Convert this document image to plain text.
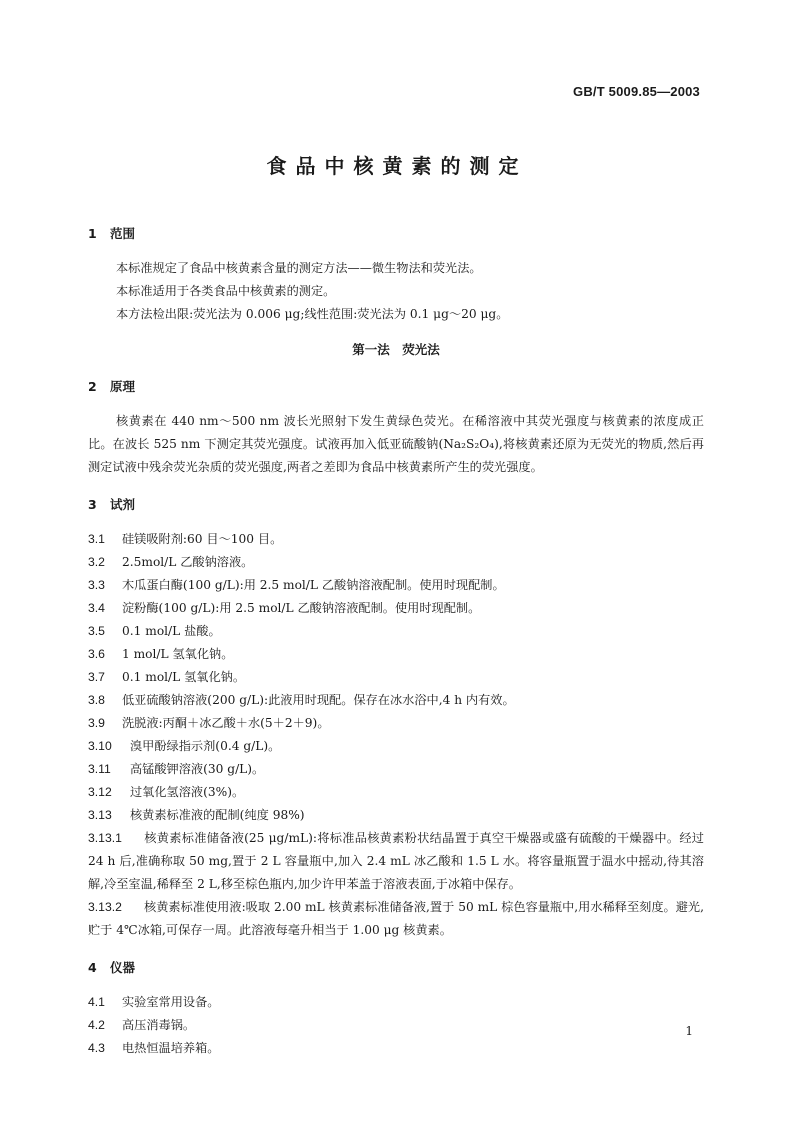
GB/T 5009.85—2003
食品中核黄素的测定
1 范围
本标准规定了食品中核黄素含量的测定方法——微生物法和荧光法。
本标准适用于各类食品中核黄素的测定。
本方法检出限:荧光法为 0.006 μg;线性范围:荧光法为 0.1 μg～20 μg。
第一法　荧光法
2 原理
核黄素在 440 nm～500 nm 波长光照射下发生黄绿色荧光。在稀溶液中其荧光强度与核黄素的浓度成正比。在波长 525 nm 下测定其荧光强度。试液再加入低亚硫酸钠(Na₂S₂O₄),将核黄素还原为无荧光的物质,然后再测定试液中残余荧光杂质的荧光强度,两者之差即为食品中核黄素所产生的荧光强度。
3 试剂
3.1 硅镁吸附剂:60 目～100 目。
3.2 2.5mol/L 乙酸钠溶液。
3.3 木瓜蛋白酶(100 g/L):用 2.5 mol/L 乙酸钠溶液配制。使用时现配制。
3.4 淀粉酶(100 g/L):用 2.5 mol/L 乙酸钠溶液配制。使用时现配制。
3.5 0.1 mol/L 盐酸。
3.6 1 mol/L 氢氧化钠。
3.7 0.1 mol/L 氢氧化钠。
3.8 低亚硫酸钠溶液(200 g/L):此液用时现配。保存在冰水浴中,4 h 内有效。
3.9 洗脱液:丙酮＋冰乙酸＋水(5＋2＋9)。
3.10 溴甲酚绿指示剂(0.4 g/L)。
3.11 高锰酸钾溶液(30 g/L)。
3.12 过氧化氢溶液(3%)。
3.13 核黄素标准液的配制(纯度 98%)
3.13.1 核黄素标准储备液(25 μg/mL):将标准品核黄素粉状结晶置于真空干燥器或盛有硫酸的干燥器中。经过 24 h 后,准确称取 50 mg,置于 2 L 容量瓶中,加入 2.4 mL 冰乙酸和 1.5 L 水。将容量瓶置于温水中摇动,待其溶解,冷至室温,稀释至 2 L,移至棕色瓶内,加少许甲苯盖于溶液表面,于冰箱中保存。
3.13.2 核黄素标准使用液:吸取 2.00 mL 核黄素标准储备液,置于 50 mL 棕色容量瓶中,用水稀释至刻度。避光,贮于 4℃冰箱,可保存一周。此溶液每毫升相当于 1.00 μg 核黄素。
4 仪器
4.1 实验室常用设备。
4.2 高压消毒锅。
4.3 电热恒温培养箱。
1
